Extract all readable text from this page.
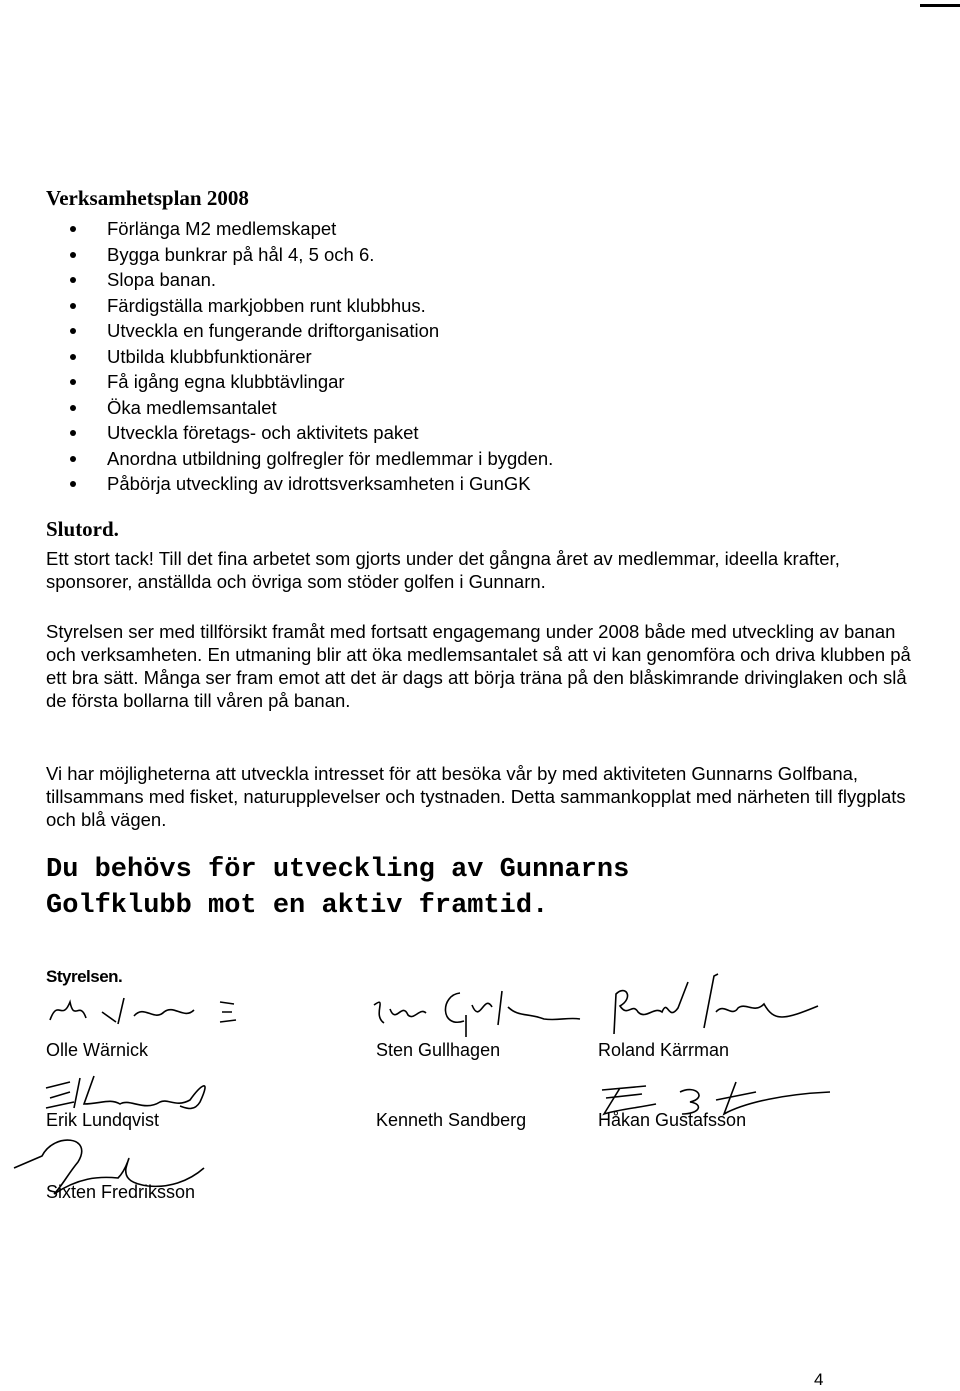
Verksamhetsplan 2008
Förlänga M2 medlemskapet
Bygga bunkrar på hål 4, 5 och 6.
Slopa banan.
Färdigställa markjobben runt klubbhus.
Utveckla en fungerande driftorganisation
Utbilda klubbfunktionärer
Få igång egna klubbtävlingar
Öka medlemsantalet
Utveckla företags- och aktivitets paket
Anordna utbildning golfregler för medlemmar i bygden.
Påbörja utveckling av idrottsverksamheten i GunGK
Slutord.

Ett stort tack! Till det fina arbetet som gjorts under det gångna året av medlemmar, ideella krafter, sponsorer, anställda och övriga som stöder golfen i Gunnarn.

Styrelsen ser med tillförsikt framåt med fortsatt engagemang under 2008 både med utveckling av banan och verksamheten. En utmaning blir att öka medlemsantalet så att vi kan genomföra och driva klubben på ett bra sätt. Många ser fram emot att det är dags att börja träna på den blåskimrande drivinglaken och slå de första bollarna till våren på banan.

Vi har möjligheterna att utveckla intresset för att besöka vår by med aktiviteten Gunnarns Golfbana, tillsammans med fisket, naturupplevelser och tystnaden. Detta sammankopplat med närheten till flygplats och blå vägen.

Du behövs för utveckling av Gunnarns
Golfklubb mot en aktiv framtid.
Styrelsen.
Olle Wärnick	Sten Gullhagen	Roland Kärrman
Erik Lundqvist	Kenneth Sandberg	Håkan Gustafsson
Sixten Fredriksson
4
